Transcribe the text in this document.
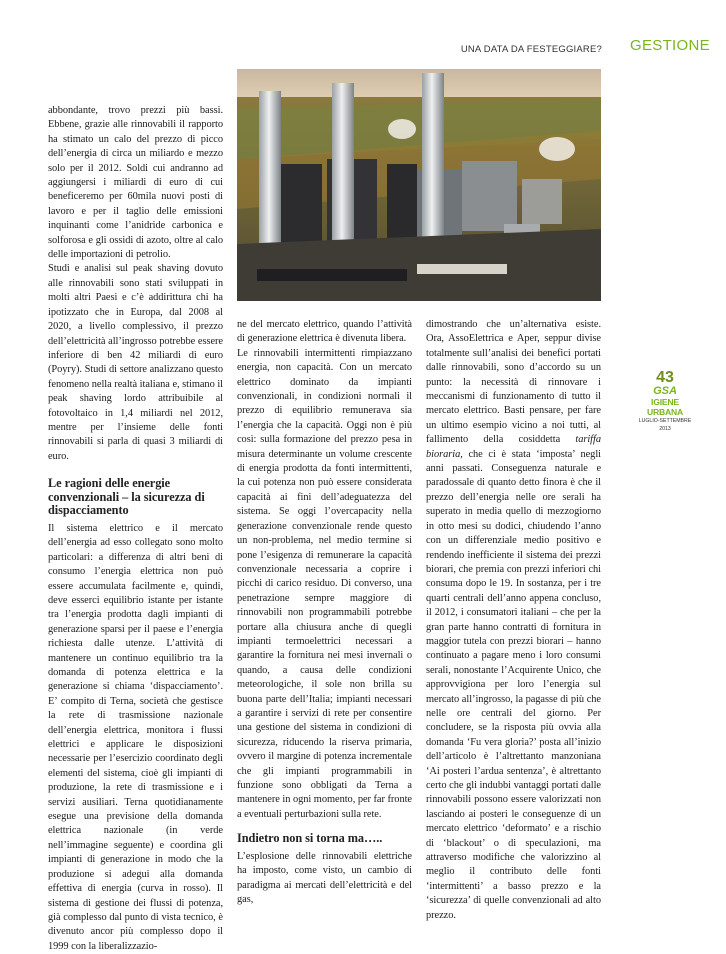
UNA DATA DA FESTEGGIARE? GESTIONE

abbondante, trovo prezzi più bassi. Ebbene, grazie alle rinnovabili il rapporto ha stimato un calo del prezzo di picco dell’energia di circa un miliardo e mezzo solo per il 2012. Soldi cui andranno ad aggiungersi i miliardi di euro di cui beneficeremo per 60mila nuovi posti di lavoro e per il taglio delle emissioni inquinanti come l’anidride carbonica e solforosa e gli ossidi di azoto, oltre al calo delle importazioni di petrolio.

Studi e analisi sul peak shaving dovuto alle rinnovabili sono stati sviluppati in molti altri Paesi e c’è addirittura chi ha ipotizzato che in Europa, dal 2008 al 2020, a livello complessivo, il prezzo dell’elettricità all’ingrosso potrebbe essere inferiore di ben 42 miliardi di euro (Poyry). Studi di settore analizzano questo fenomeno nella realtà italiana e, stimano il peak shaving lordo attribuibile al fotovoltaico in 1,4 miliardi nel 2012, mentre per l’insieme delle fonti rinnovabili si parla di quasi 3 miliardi di euro.

Le ragioni delle energie convenzionali – la sicurezza di dispacciamento

Il sistema elettrico e il mercato dell’energia ad esso collegato sono molto particolari: a differenza di altri beni di consumo l’energia elettrica non può essere accumulata facilmente e, quindi, deve esserci equilibrio istante per istante tra l’energia prodotta dagli impianti di generazione sparsi per il paese e l’energia richiesta dalle utenze. L’attività di mantenere un continuo equilibrio tra la domanda di potenza elettrica e la generazione si chiama ‘dispacciamento’. E’ compito di Terna, società che gestisce la rete di trasmissione nazionale dell’energia elettrica, monitora i flussi elettrici e applicare le disposizioni necessarie per l’esercizio coordinato degli elementi del sistema, cioè gli impianti di produzione, la rete di trasmissione e i servizi ausiliari. Terna quotidianamente esegue una previsione della domanda elettrica nazionale (in verde nell’immagine seguente) e coordina gli impianti di generazione in modo che la produzione si adegui alla domanda effettiva di energia (curva in rosso). Il sistema di gestione dei flussi di potenza, già complesso dal punto di vista tecnico, è divenuto ancor più complesso dopo il 1999 con la liberalizzazio-

ne del mercato elettrico, quando l’attività di generazione elettrica è divenuta libera.

Le rinnovabili intermittenti rimpiazzano energia, non capacità. Con un mercato elettrico dominato da impianti convenzionali, in condizioni normali il prezzo di equilibrio remunerava sia l’energia che la capacità. Oggi non è più così: sulla formazione del prezzo pesa in misura determinante un volume crescente di energia prodotta da fonti intermittenti, la cui potenza non può essere considerata capacità ai fini dell’adeguatezza del sistema. Se oggi l’overcapacity nella generazione convenzionale rende questo un non-problema, nel medio termine si pone l’esigenza di remunerare la capacità convenzionale necessaria a coprire i picchi di carico residuo. Di converso, una penetrazione sempre maggiore di rinnovabili non programmabili potrebbe portare alla chiusura anche di quegli impianti termoelettrici necessari a garantire la fornitura nei mesi invernali o quando, a causa delle condizioni meteorologiche, il sole non brilla su buona parte dell’Italia; impianti necessari a garantire i servizi di rete per consentire una gestione del sistema in condizioni di sicurezza, riducendo la riserva primaria, ovvero il margine di potenza incrementale che gli impianti programmabili in funzione sono obbligati da Terna a mantenere in ogni momento, per far fronte a eventuali perturbazioni sulla rete.

Indietro non si torna ma…..

L’esplosione delle rinnovabili elettriche ha imposto, come visto, un cambio di paradigma ai mercati dell’elettricità e del gas,

dimostrando che un’alternativa esiste. Ora, AssoElettrica e Aper, seppur divise totalmente sull’analisi dei benefici portati dalle rinnovabili, sono d’accordo su un punto: la necessità di rinnovare i meccanismi di funzionamento di tutto il mercato elettrico. Basti pensare, per fare un ultimo esempio vicino a noi tutti, al fallimento della cosiddetta tariffa bioraria, che ci è stata ‘imposta’ negli anni passati. Conseguenza naturale e paradossale di quanto detto finora è che il prezzo dell’energia nelle ore serali ha superato in media quello di mezzogiorno in otto mesi su dodici, chiudendo l’anno con un differenziale medio positivo e rendendo inefficiente il sistema dei prezzi biorari, che premia con prezzi inferiori chi consuma dopo le 19. In sostanza, per i tre quarti centrali dell’anno appena concluso, il 2012, i consumatori italiani – che per la gran parte hanno contratti di fornitura in maggior tutela con prezzi biorari – hanno continuato a pagare meno i loro consumi serali, nonostante l’Acquirente Unico, che approvvigiona per loro l’energia sul mercato all’ingrosso, la pagasse di più che nelle ore centrali del giorno. Per concludere, se la risposta più ovvia alla domanda ‘Fu vera gloria?’ posta all’inizio dell’articolo è l’altrettanto manzoniana ‘Ai posteri l’ardua sentenza’, è altrettanto certo che gli indubbi vantaggi portati dalle rinnovabili possono essere valorizzati non lasciando ai posteri le conseguenze di un mercato elettrico ‘deformato’ e a rischio di ‘blackout’ o di speculazioni, ma attraverso modifiche che valorizzino al meglio il contributo delle fonti ‘intermittenti’ a basso prezzo e la ‘sicurezza’ di quelle convenzionali ad alto prezzo.

43
GSA
IGIENE URBANA
LUGLIO-SETTEMBRE 2013
